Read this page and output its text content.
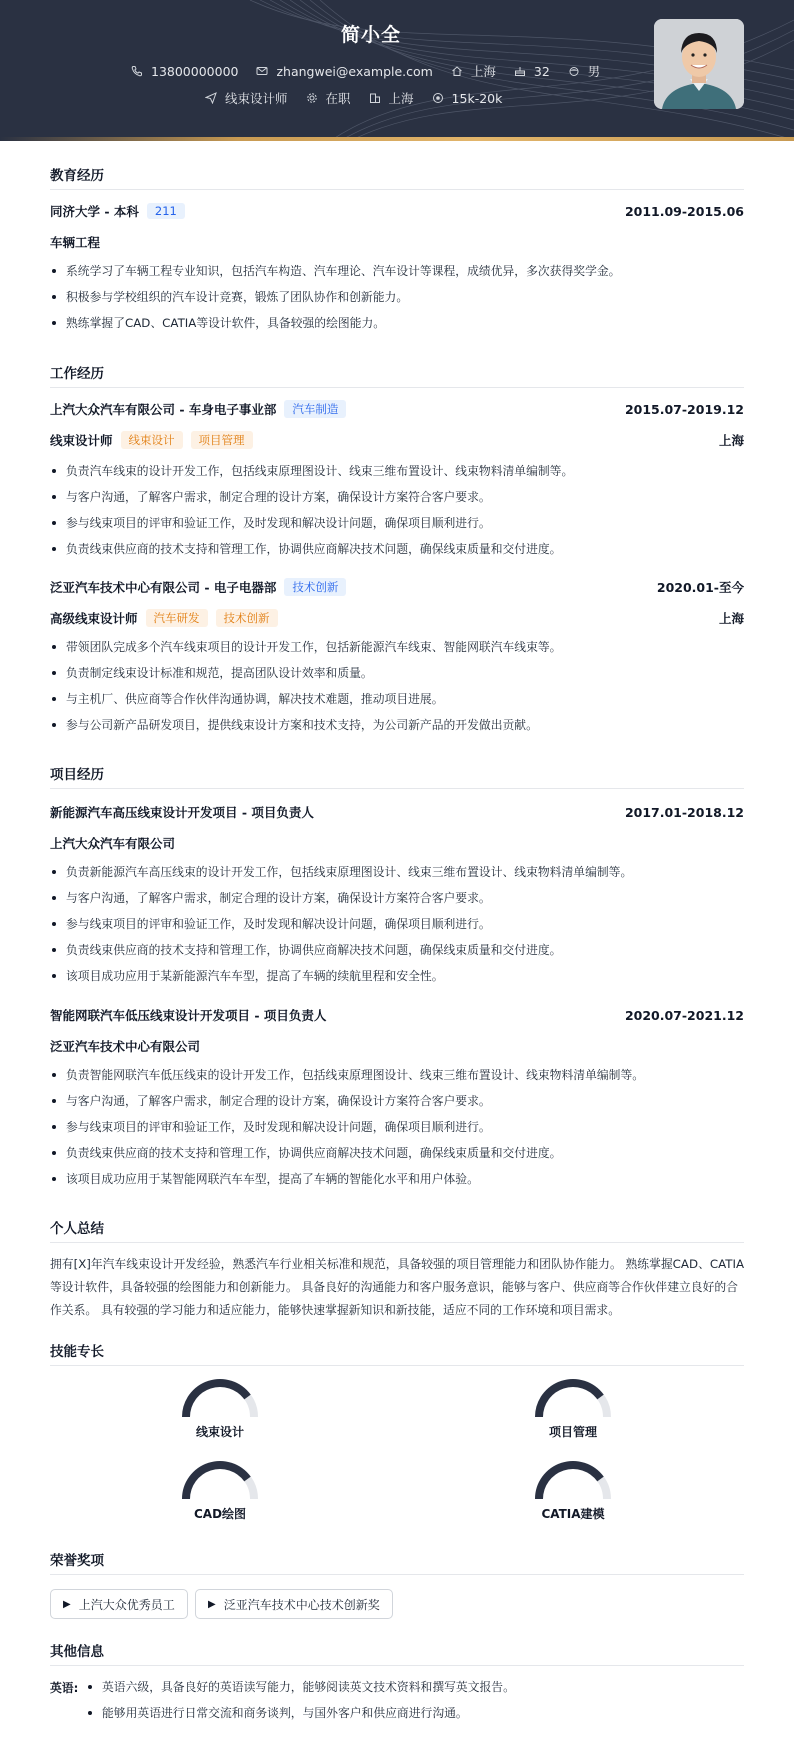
简小全
13800000000	zhangwei@example.com	上海	32	男
线束设计师	在职	上海	15k-20k
教育经历
同济大学 - 本科	211	2011.09-2015.06
车辆工程
系统学习了车辆工程专业知识，包括汽车构造、汽车理论、汽车设计等课程，成绩优异，多次获得奖学金。
积极参与学校组织的汽车设计竞赛，锻炼了团队协作和创新能力。
熟练掌握了CAD、CATIA等设计软件，具备较强的绘图能力。
工作经历
上汽大众汽车有限公司 - 车身电子事业部	汽车制造	2015.07-2019.12
线束设计师	线束设计	项目管理	上海
负责汽车线束的设计开发工作，包括线束原理图设计、线束三维布置设计、线束物料清单编制等。
与客户沟通，了解客户需求，制定合理的设计方案，确保设计方案符合客户要求。
参与线束项目的评审和验证工作，及时发现和解决设计问题，确保项目顺利进行。
负责线束供应商的技术支持和管理工作，协调供应商解决技术问题，确保线束质量和交付进度。
泛亚汽车技术中心有限公司 - 电子电器部	技术创新	2020.01-至今
高级线束设计师	汽车研发	技术创新	上海
带领团队完成多个汽车线束项目的设计开发工作，包括新能源汽车线束、智能网联汽车线束等。
负责制定线束设计标准和规范，提高团队设计效率和质量。
与主机厂、供应商等合作伙伴沟通协调，解决技术难题，推动项目进展。
参与公司新产品研发项目，提供线束设计方案和技术支持，为公司新产品的开发做出贡献。
项目经历
新能源汽车高压线束设计开发项目 - 项目负责人	2017.01-2018.12
上汽大众汽车有限公司
负责新能源汽车高压线束的设计开发工作，包括线束原理图设计、线束三维布置设计、线束物料清单编制等。
与客户沟通，了解客户需求，制定合理的设计方案，确保设计方案符合客户要求。
参与线束项目的评审和验证工作，及时发现和解决设计问题，确保项目顺利进行。
负责线束供应商的技术支持和管理工作，协调供应商解决技术问题，确保线束质量和交付进度。
该项目成功应用于某新能源汽车车型，提高了车辆的续航里程和安全性。
智能网联汽车低压线束设计开发项目 - 项目负责人	2020.07-2021.12
泛亚汽车技术中心有限公司
负责智能网联汽车低压线束的设计开发工作，包括线束原理图设计、线束三维布置设计、线束物料清单编制等。
与客户沟通，了解客户需求，制定合理的设计方案，确保设计方案符合客户要求。
参与线束项目的评审和验证工作，及时发现和解决设计问题，确保项目顺利进行。
负责线束供应商的技术支持和管理工作，协调供应商解决技术问题，确保线束质量和交付进度。
该项目成功应用于某智能网联汽车车型，提高了车辆的智能化水平和用户体验。
个人总结
拥有[X]年汽车线束设计开发经验，熟悉汽车行业相关标准和规范，具备较强的项目管理能力和团队协作能力。 熟练掌握CAD、CATIA等设计软件，具备较强的绘图能力和创新能力。 具备良好的沟通能力和客户服务意识，能够与客户、供应商等合作伙伴建立良好的合作关系。 具有较强的学习能力和适应能力，能够快速掌握新知识和新技能，适应不同的工作环境和项目需求。
技能专长
线束设计	项目管理
CAD绘图	CATIA建模
荣誉奖项
▶ 上汽大众优秀员工	▶ 泛亚汽车技术中心技术创新奖
其他信息
英语:	英语六级，具备良好的英语读写能力，能够阅读英文技术资料和撰写英文报告。
能够用英语进行日常交流和商务谈判，与国外客户和供应商进行沟通。
